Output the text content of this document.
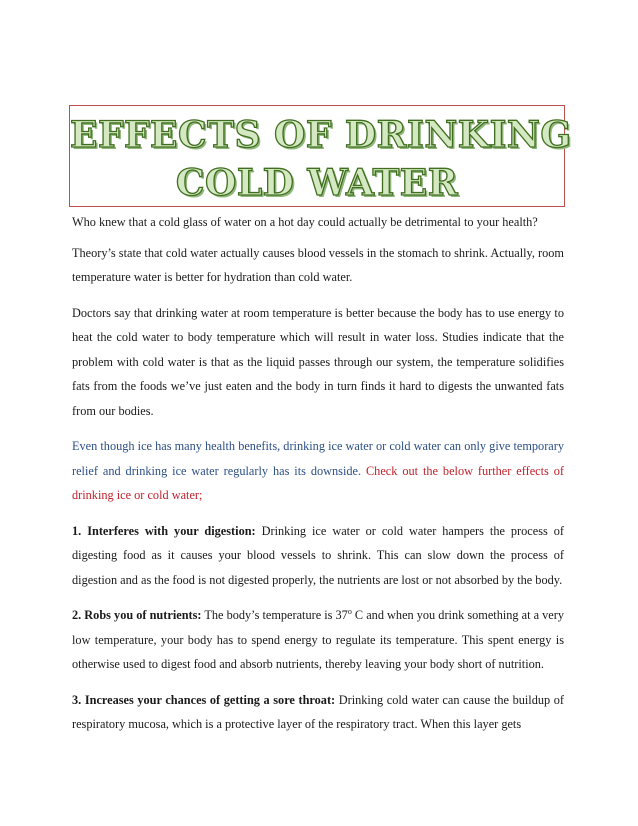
EFFECTS OF DRINKING
COLD WATER

Who knew that a cold glass of water on a hot day could actually be detrimental to your health?

Theory’s state that cold water actually causes blood vessels in the stomach to shrink. Actually, room temperature water is better for hydration than cold water.

Doctors say that drinking water at room temperature is better because the body has to use energy to heat the cold water to body temperature which will result in water loss. Studies indicate that the problem with cold water is that as the liquid passes through our system, the temperature solidifies fats from the foods we’ve just eaten and the body in turn finds it hard to digests the unwanted fats from our bodies.

Even though ice has many health benefits, drinking ice water or cold water can only give temporary relief and drinking ice water regularly has its downside. Check out the below further effects of drinking ice or cold water;

1. Interferes with your digestion: Drinking ice water or cold water hampers the process of digesting food as it causes your blood vessels to shrink. This can slow down the process of digestion and as the food is not digested properly, the nutrients are lost or not absorbed by the body.

2. Robs you of nutrients: The body’s temperature is 37$^o$ C and when you drink something at a very low temperature, your body has to spend energy to regulate its temperature. This spent energy is otherwise used to digest food and absorb nutrients, thereby leaving your body short of nutrition.

3. Increases your chances of getting a sore throat: Drinking cold water can cause the buildup of respiratory mucosa, which is a protective layer of the respiratory tract. When this layer gets
